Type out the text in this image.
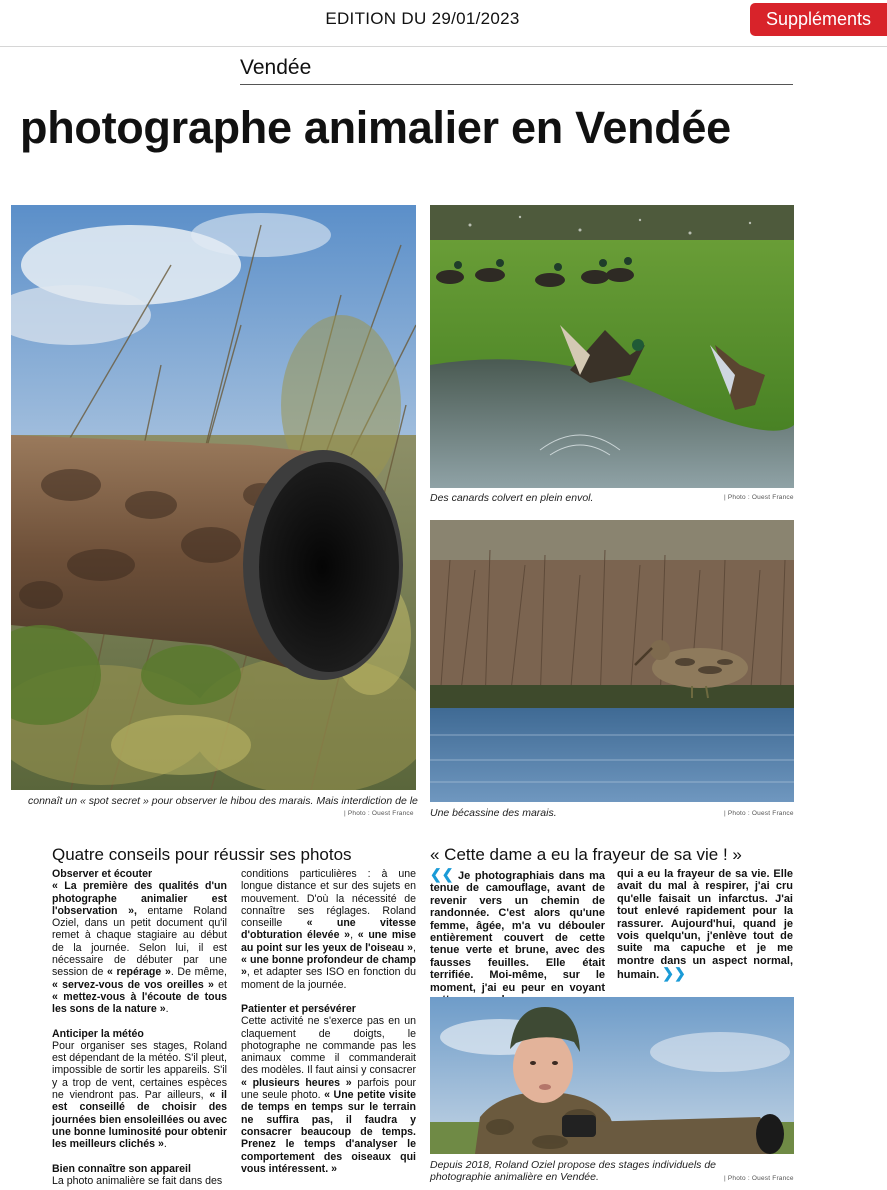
EDITION DU 29/01/2023	Suppléments
Vendée
photographe animalier en Vendée
connaît un « spot secret » pour observer le hibou des marais. Mais interdiction de le
| Photo : Ouest France
Des canards colvert en plein envol.	| Photo : Ouest France
Une bécassine des marais.	| Photo : Ouest France
Quatre conseils pour réussir ses photos

Observer et écouter

« La première des qualités d'un photographe animalier est l'observation », entame Roland Oziel, dans un petit document qu'il remet à chaque stagiaire au début de la journée. Selon lui, il est nécessaire de débuter par une session de « repérage ». De même, « servez-vous de vos oreilles » et « mettez-vous à l'écoute de tous les sons de la nature ».

Anticiper la météo

Pour organiser ses stages, Roland est dépendant de la météo. S'il pleut, impossible de sortir les appareils. S'il y a trop de vent, certaines espèces ne viendront pas. Par ailleurs, « il est conseillé de choisir des journées bien ensoleillées ou avec une bonne luminosité pour obtenir les meilleurs clichés ».

Bien connaître son appareil

La photo animalière se fait dans des

conditions particulières : à une longue distance et sur des sujets en mouvement. D'où la nécessité de connaître ses réglages. Roland conseille « une vitesse d'obturation élevée », « une mise au point sur les yeux de l'oiseau », « une bonne profondeur de champ », et adapter ses ISO en fonction du moment de la journée.

Patienter et persévérer

Cette activité ne s'exerce pas en un claquement de doigts, le photographe ne commande pas les animaux comme il commanderait des modèles. Il faut ainsi y consacrer « plusieurs heures » parfois pour une seule photo. « Une petite visite de temps en temps sur le terrain ne suffira pas, il faudra y consacrer beaucoup de temps. Prenez le temps d'analyser le comportement des oiseaux qui vous intéressent. »

« Cette dame a eu la frayeur de sa vie ! »
❮❮ Je photographiais dans ma tenue de camouflage, avant de revenir vers un chemin de randonnée. C'est alors qu'une femme, âgée, m'a vu débouler entièrement couvert de cette tenue verte et brune, avec des fausses feuilles. Elle était terrifiée. Moi-même, sur le moment, j'ai eu peur en voyant
qui a eu la frayeur de sa vie. Elle avait du mal à respirer, j'ai cru qu'elle faisait un infarctus. J'ai tout enlevé rapidement pour la rassurer. Aujourd'hui, quand je vois quelqu'un, j'enlève tout de suite ma capuche et je me montre dans un aspect normal, humain. ❯❯
Depuis 2018, Roland Oziel propose des stages individuels de photographie animalière en Vendée.	| Photo : Ouest France
